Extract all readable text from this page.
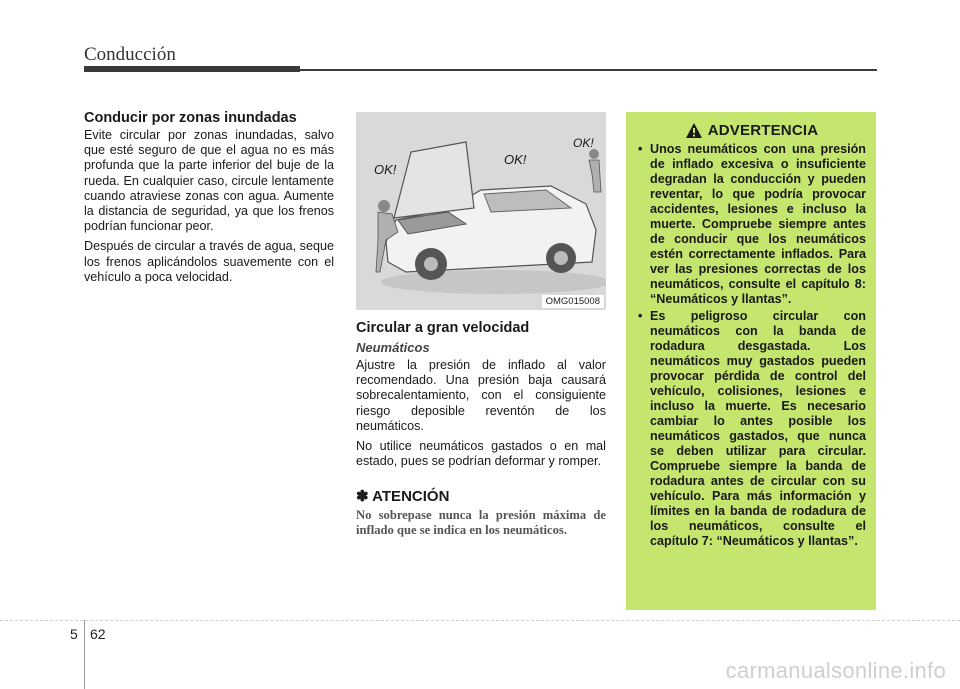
Conducción
Conducir por zonas inundadas

Evite circular por zonas inundadas, salvo que esté seguro de que el agua no es más profunda que la parte inferior del buje de la rueda. En cualquier caso, circule lentamente cuando atraviese zonas con agua. Aumente la distancia de seguridad, ya que los frenos podrían funcionar peor.

Después de circular a través de agua, seque los frenos aplicándolos suavemente con el vehículo a poca velocidad.

OK!
OK!
OK!
OMG015008
Circular a gran velocidad
Neumáticos

Ajustre la presión de inflado al valor recomendado. Una presión baja causará sobrecalentamiento, con el consiguiente riesgo deposible reventón de los neumáticos.

No utilice neumáticos gastados o en mal estado, pues se podrían deformar y romper.

✽ ATENCIÓN

No sobrepase nunca la presión máxima de inflado que se indica en los neumáticos.

ADVERTENCIA
• Unos neumáticos con una presión de inflado excesiva o insuficiente degradan la conducción y pueden reventar, lo que podría provocar accidentes, lesiones e incluso la muerte. Compruebe siempre antes de conducir que los neumáticos estén correctamente inflados. Para ver las presiones correctas de los neumáticos, consulte el capítulo 8: “Neumáticos y llantas”.
• Es peligroso circular con neumáticos con la banda de rodadura desgastada. Los neumáticos muy gastados pueden provocar pérdida de control del vehículo, colisiones, lesiones e incluso la muerte. Es necesario cambiar lo antes posible los neumáticos gastados, que nunca se deben utilizar para circular. Compruebe siempre la banda de rodadura antes de circular con su vehículo. Para más información y límites en la banda de rodadura de los neumáticos, consulte el capítulo 7: “Neumáticos y llantas”.
5 62
carmanualsonline.info
